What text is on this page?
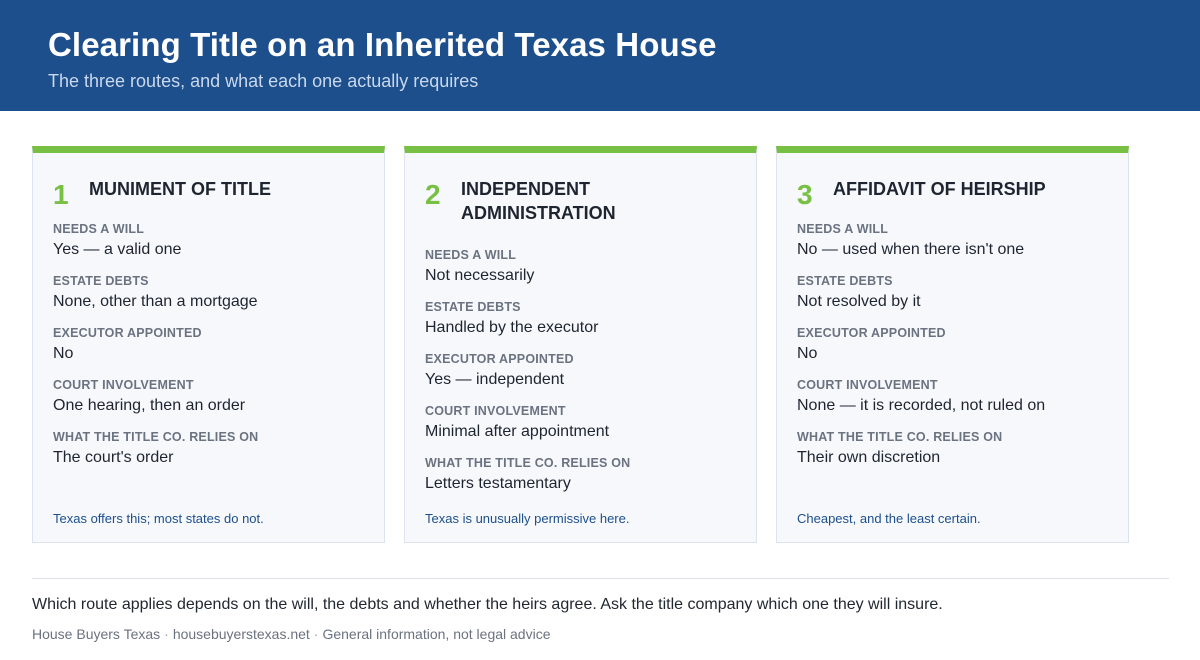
Clearing Title on an Inherited Texas House
The three routes, and what each one actually requires
1 MUNIMENT OF TITLE
NEEDS A WILL
Yes — a valid one
ESTATE DEBTS
None, other than a mortgage
EXECUTOR APPOINTED
No
COURT INVOLVEMENT
One hearing, then an order
WHAT THE TITLE CO. RELIES ON
The court's order
Texas offers this; most states do not.
2 INDEPENDENT
ADMINISTRATION
NEEDS A WILL
Not necessarily
ESTATE DEBTS
Handled by the executor
EXECUTOR APPOINTED
Yes — independent
COURT INVOLVEMENT
Minimal after appointment
WHAT THE TITLE CO. RELIES ON
Letters testamentary
Texas is unusually permissive here.
3 AFFIDAVIT OF HEIRSHIP
NEEDS A WILL
No — used when there isn't one
ESTATE DEBTS
Not resolved by it
EXECUTOR APPOINTED
No
COURT INVOLVEMENT
None — it is recorded, not ruled on
WHAT THE TITLE CO. RELIES ON
Their own discretion
Cheapest, and the least certain.
Which route applies depends on the will, the debts and whether the heirs agree. Ask the title company which one they will insure.
House Buyers Texas · housebuyerstexas.net · General information, not legal advice
